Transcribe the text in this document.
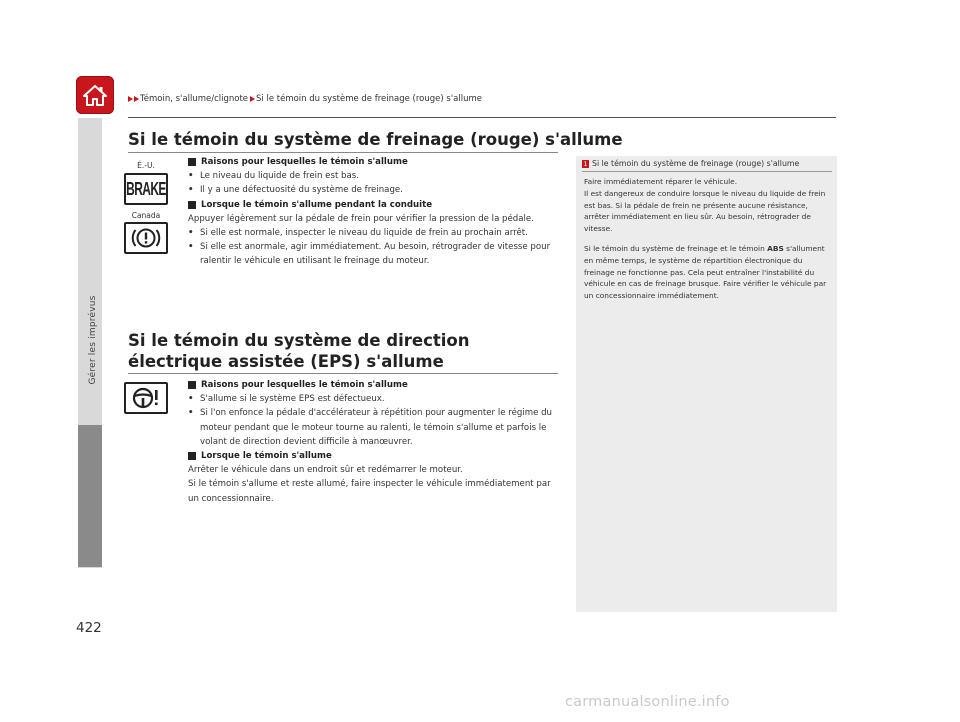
Gérer les imprévus
Témoin, s'allume/clignote Si le témoin du système de freinage (rouge) s'allume
Si le témoin du système de freinage (rouge) s'allume
É.-U.
BRAKE
Canada
Raisons pour lesquelles le témoin s'allume
• Le niveau du liquide de frein est bas.
• Il y a une défectuosité du système de freinage.
Lorsque le témoin s'allume pendant la conduite
Appuyer légèrement sur la pédale de frein pour vérifier la pression de la pédale.
• Si elle est normale, inspecter le niveau du liquide de frein au prochain arrêt.
• Si elle est anormale, agir immédiatement. Au besoin, rétrograder de vitesse pour ralentir le véhicule en utilisant le freinage du moteur.
Si le témoin du système de direction électrique assistée (EPS) s'allume
Raisons pour lesquelles le témoin s'allume
• S'allume si le système EPS est défectueux.
• Si l'on enfonce la pédale d'accélérateur à répétition pour augmenter le régime du moteur pendant que le moteur tourne au ralenti, le témoin s'allume et parfois le volant de direction devient difficile à manœuvrer.
Lorsque le témoin s'allume
Arrêter le véhicule dans un endroit sûr et redémarrer le moteur.
Si le témoin s'allume et reste allumé, faire inspecter le véhicule immédiatement par un concessionnaire.
1 Si le témoin du système de freinage (rouge) s'allume

Faire immédiatement réparer le véhicule.
Il est dangereux de conduire lorsque le niveau du liquide de frein est bas. Si la pédale de frein ne présente aucune résistance, arrêter immédiatement en lieu sûr. Au besoin, rétrograder de vitesse.

Si le témoin du système de freinage et le témoin ABS s'allument en même temps, le système de répartition électronique du freinage ne fonctionne pas. Cela peut entraîner l'instabilité du véhicule en cas de freinage brusque. Faire vérifier le véhicule par un concessionnaire immédiatement.

422
carmanualsonline.info
